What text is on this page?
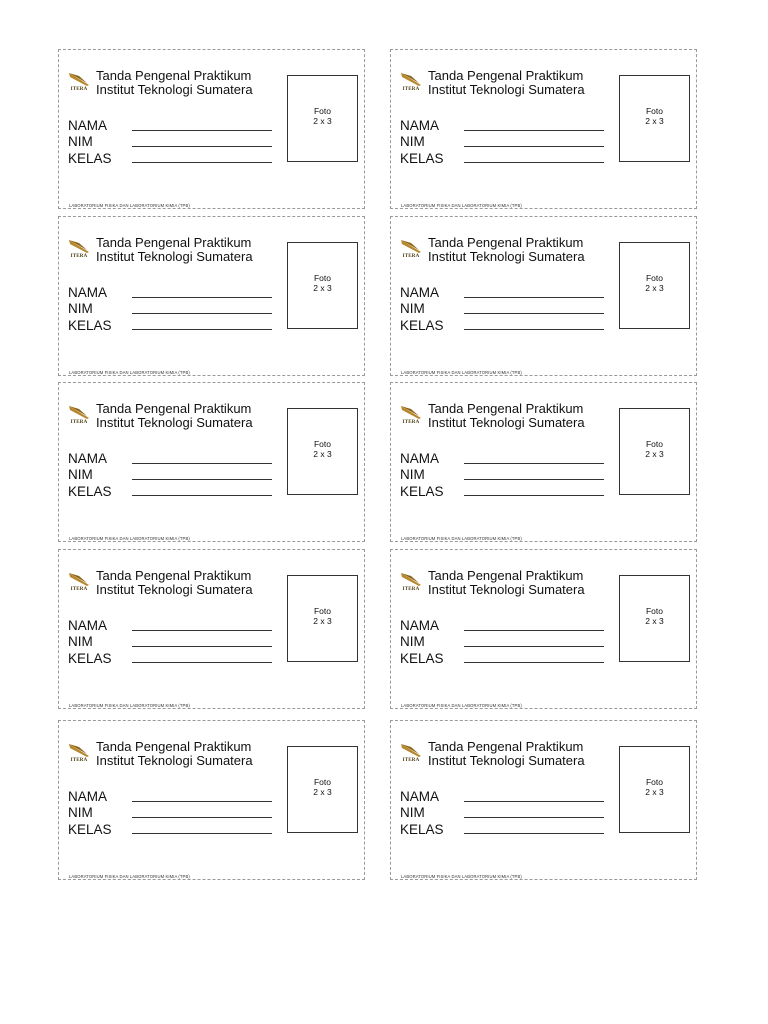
ITERA
Tanda Pengenal Praktikum
Institut Teknologi Sumatera
NAMA
NIM
KELAS
Foto
2 x 3
LABORATORIUM FISIKA DAN LABORATORIUM KIMIA (TPB)
ITERA
Tanda Pengenal Praktikum
Institut Teknologi Sumatera
NAMA
NIM
KELAS
Foto
2 x 3
LABORATORIUM FISIKA DAN LABORATORIUM KIMIA (TPB)
ITERA
Tanda Pengenal Praktikum
Institut Teknologi Sumatera
NAMA
NIM
KELAS
Foto
2 x 3
LABORATORIUM FISIKA DAN LABORATORIUM KIMIA (TPB)
ITERA
Tanda Pengenal Praktikum
Institut Teknologi Sumatera
NAMA
NIM
KELAS
Foto
2 x 3
LABORATORIUM FISIKA DAN LABORATORIUM KIMIA (TPB)
ITERA
Tanda Pengenal Praktikum
Institut Teknologi Sumatera
NAMA
NIM
KELAS
Foto
2 x 3
LABORATORIUM FISIKA DAN LABORATORIUM KIMIA (TPB)
ITERA
Tanda Pengenal Praktikum
Institut Teknologi Sumatera
NAMA
NIM
KELAS
Foto
2 x 3
LABORATORIUM FISIKA DAN LABORATORIUM KIMIA (TPB)
ITERA
Tanda Pengenal Praktikum
Institut Teknologi Sumatera
NAMA
NIM
KELAS
Foto
2 x 3
LABORATORIUM FISIKA DAN LABORATORIUM KIMIA (TPB)
ITERA
Tanda Pengenal Praktikum
Institut Teknologi Sumatera
NAMA
NIM
KELAS
Foto
2 x 3
LABORATORIUM FISIKA DAN LABORATORIUM KIMIA (TPB)
ITERA
Tanda Pengenal Praktikum
Institut Teknologi Sumatera
NAMA
NIM
KELAS
Foto
2 x 3
LABORATORIUM FISIKA DAN LABORATORIUM KIMIA (TPB)
ITERA
Tanda Pengenal Praktikum
Institut Teknologi Sumatera
NAMA
NIM
KELAS
Foto
2 x 3
LABORATORIUM FISIKA DAN LABORATORIUM KIMIA (TPB)
